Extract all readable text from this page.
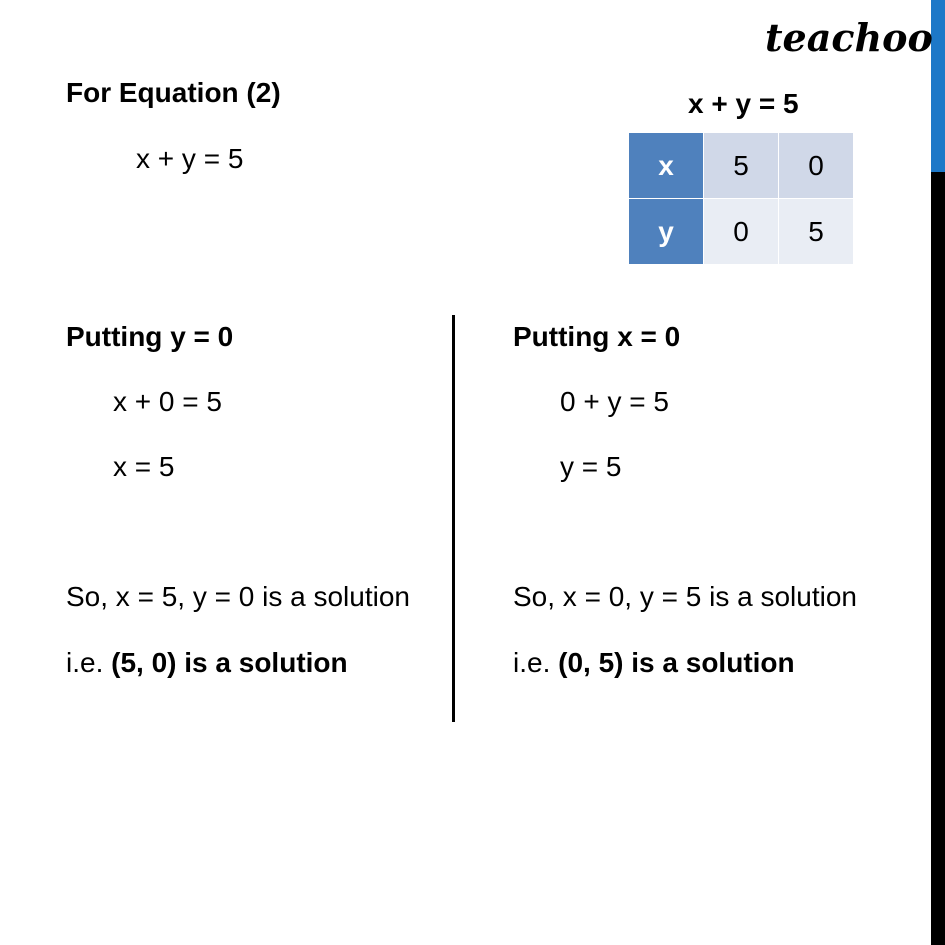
teachoo
For Equation (2)
x + y = 5
x + y = 5
x	5	0
y	0	5
Putting y = 0
x + 0 = 5
x = 5
So, x = 5, y = 0 is a solution
i.e. (5, 0) is a solution
Putting x = 0
0 + y = 5
y = 5
So, x = 0, y = 5 is a solution
i.e. (0, 5) is a solution
